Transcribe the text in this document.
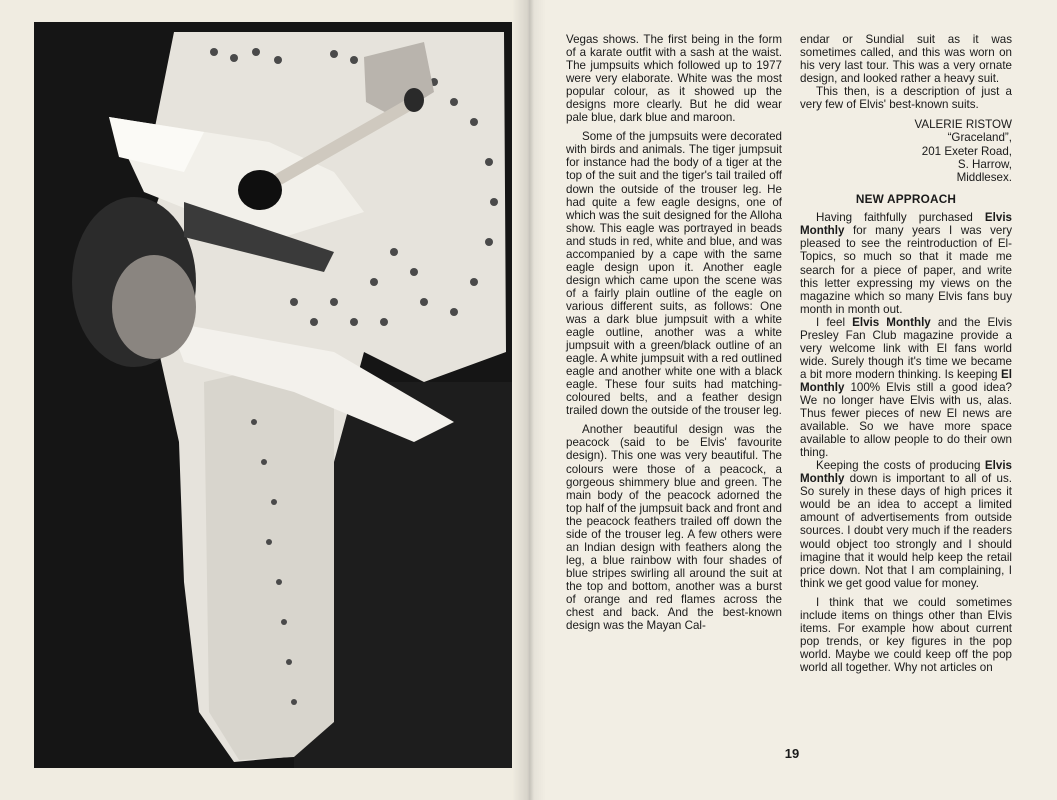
Vegas shows. The first being in the form of a karate outfit with a sash at the waist. The jumpsuits which followed up to 1977 were very elaborate. White was the most popular colour, as it showed up the designs more clearly. But he did wear pale blue, dark blue and maroon.

Some of the jumpsuits were decorated with birds and animals. The tiger jumpsuit for instance had the body of a tiger at the top of the suit and the tiger's tail trailed off down the outside of the trouser leg. He had quite a few eagle designs, one of which was the suit designed for the Alloha show. This eagle was portrayed in beads and studs in red, white and blue, and was accompanied by a cape with the same eagle design upon it. Another eagle design which came upon the scene was of a fairly plain outline of the eagle on various different suits, as follows: One was a dark blue jumpsuit with a white eagle outline, another was a white jumpsuit with a green/black outline of an eagle. A white jumpsuit with a red outlined eagle and another white one with a black eagle. These four suits had matching-coloured belts, and a feather design trailed down the outside of the trouser leg.

Another beautiful design was the peacock (said to be Elvis' favourite design). This one was very beautiful. The colours were those of a peacock, a gorgeous shimmery blue and green. The main body of the peacock adorned the top half of the jumpsuit back and front and the peacock feathers trailed off down the side of the trouser leg. A few others were an Indian design with feathers along the leg, a blue rainbow with four shades of blue stripes swirling all around the suit at the top and bottom, another was a burst of orange and red flames across the chest and back. And the best-known design was the Mayan Cal-

endar or Sundial suit as it was sometimes called, and this was worn on his very last tour. This was a very ornate design, and looked rather a heavy suit.

This then, is a description of just a very few of Elvis' best-known suits.

VALERIE RISTOW
“Graceland”,
201 Exeter Road,
S. Harrow,
Middlesex.
NEW APPROACH

Having faithfully purchased Elvis Monthly for many years I was very pleased to see the reintroduction of El-Topics, so much so that it made me search for a piece of paper, and write this letter expressing my views on the magazine which so many Elvis fans buy month in month out.

I feel Elvis Monthly and the Elvis Presley Fan Club magazine provide a very welcome link with El fans world wide. Surely though it's time we became a bit more modern thinking. Is keeping El Monthly 100% Elvis still a good idea? We no longer have Elvis with us, alas. Thus fewer pieces of new El news are available. So we have more space available to allow people to do their own thing.

Keeping the costs of producing Elvis Monthly down is important to all of us. So surely in these days of high prices it would be an idea to accept a limited amount of advertisements from outside sources. I doubt very much if the readers would object too strongly and I should imagine that it would help keep the retail price down. Not that I am complaining, I think we get good value for money.

I think that we could sometimes include items on things other than Elvis items. For example how about current pop trends, or key figures in the pop world. Maybe we could keep off the pop world all together. Why not articles on

19
